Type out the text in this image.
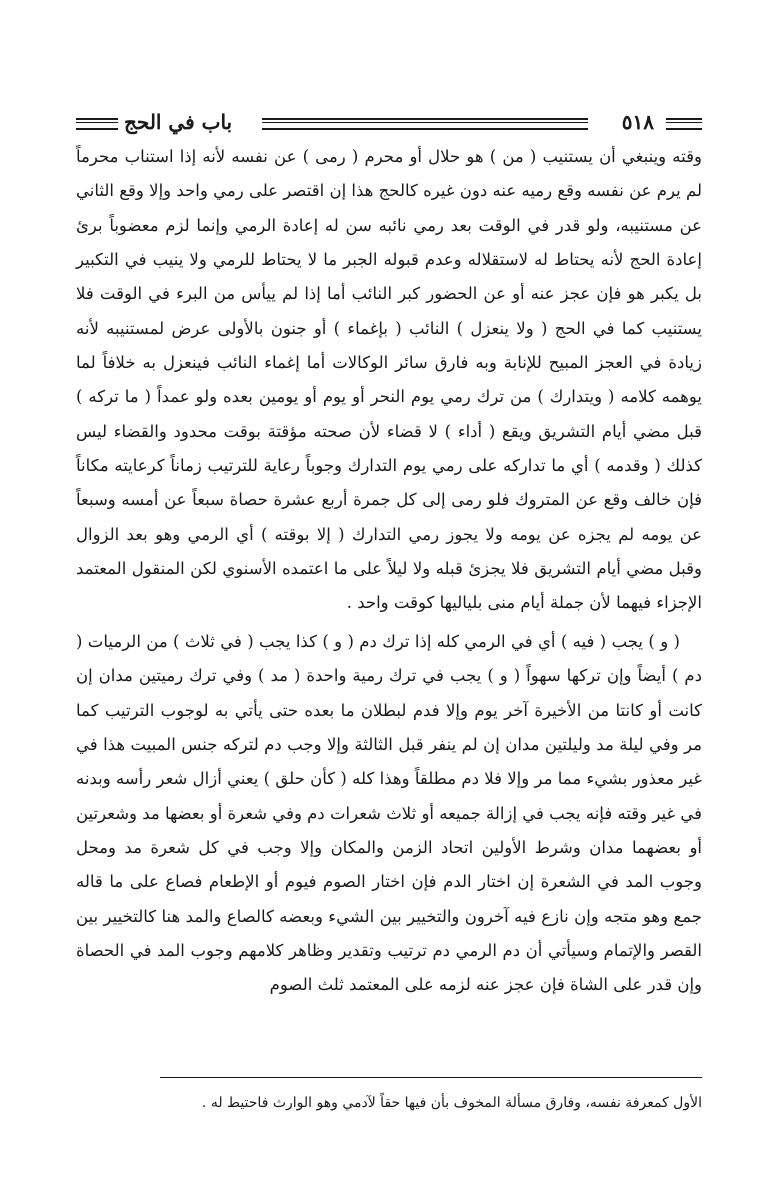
٥١٨
باب في الحج

وقته وينبغي أن يستنيب ( من ) هو حلال أو محرم ( رمى ) عن نفسه لأنه إذا استناب محرماً لم يرم عن نفسه وقع رميه عنه دون غيره كالحج هذا إن اقتصر على رمي واحد وإلا وقع الثاني عن مستنيبه، ولو قدر في الوقت بعد رمي نائبه سن له إعادة الرمي وإنما لزم معضوباً برئ إعادة الحج لأنه يحتاط له لاستقلاله وعدم قبوله الجبر ما لا يحتاط للرمي ولا ينيب في التكبير بل يكبر هو فإن عجز عنه أو عن الحضور كبر النائب أما إذا لم ييأس من البرء في الوقت فلا يستنيب كما في الحج ( ولا ينعزل ) النائب ( بإغماء ) أو جنون بالأولى عرض لمستنيبه لأنه زيادة في العجز المبيح للإنابة وبه فارق سائر الوكالات أما إغماء النائب فينعزل به خلافاً لما يوهمه كلامه ( ويتدارك ) من ترك رمي يوم النحر أو يوم أو يومين بعده ولو عمداً ( ما تركه ) قبل مضي أيام التشريق ويقع ( أداء ) لا قضاء لأن صحته مؤقتة بوقت محدود والقضاء ليس كذلك ( وقدمه ) أي ما تداركه على رمي يوم التدارك وجوباً رعاية للترتيب زماناً كرعايته مكاناً فإن خالف وقع عن المتروك فلو رمى إلى كل جمرة أربع عشرة حصاة سبعاً عن أمسه وسبعاً عن يومه لم يجزه عن يومه ولا يجوز رمي التدارك ( إلا بوقته ) أي الرمي وهو بعد الزوال وقبل مضي أيام التشريق فلا يجزئ قبله ولا ليلاً على ما اعتمده الأسنوي لكن المنقول المعتمد الإجزاء فيهما لأن جملة أيام منى بلياليها كوقت واحد .

( و ) يجب ( فيه ) أي في الرمي كله إذا ترك دم ( و ) كذا يجب ( في ثلاث ) من الرميات ( دم ) أيضاً وإن تركها سهواً ( و ) يجب في ترك رمية واحدة ( مد ) وفي ترك رميتين مدان إن كانت أو كانتا من الأخيرة آخر يوم وإلا فدم لبطلان ما بعده حتى يأتي به لوجوب الترتيب كما مر وفي ليلة مد وليلتين مدان إن لم ينفر قبل الثالثة وإلا وجب دم لتركه جنس المبيت هذا في غير معذور بشيء مما مر وإلا فلا دم مطلقاً وهذا كله ( كأن حلق ) يعني أزال شعر رأسه وبدنه في غير وقته فإنه يجب في إزالة جميعه أو ثلاث شعرات دم وفي شعرة أو بعضها مد وشعرتين أو بعضهما مدان وشرط الأولين اتحاد الزمن والمكان وإلا وجب في كل شعرة مد ومحل وجوب المد في الشعرة إن اختار الدم فإن اختار الصوم فيوم أو الإطعام فصاع على ما قاله جمع وهو متجه وإن نازع فيه آخرون والتخيير بين الشيء وبعضه كالصاع والمد هنا كالتخيير بين القصر والإتمام وسيأتي أن دم الرمي دم ترتيب وتقدير وظاهر كلامهم وجوب المد في الحصاة وإن قدر على الشاة فإن عجز عنه لزمه على المعتمد ثلث الصوم

الأول كمعرفة نفسه، وفارق مسألة المخوف بأن فيها حقاً لآدمي وهو الوارث فاحتيط له .
